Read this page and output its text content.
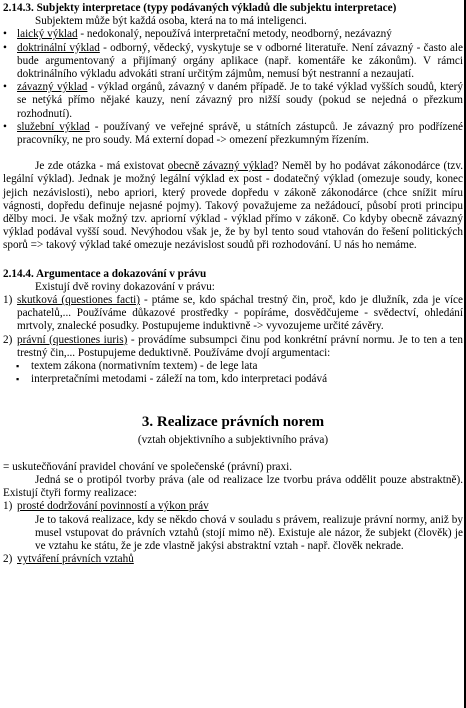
2.14.3. Subjekty interpretace (typy podávaných výkladů dle subjektu interpretace)

Subjektem může být každá osoba, která na to má inteligenci.

• laický výklad - nedokonalý, nepoužívá interpretační metody, neodborný, nezávazný
• doktrinální výklad - odborný, vědecký, vyskytuje se v odborné literatuře. Není závazný - často ale bude argumentovaný a přijímaný orgány aplikace (např. komentáře ke zákonům). V rámci doktrinálního výkladu advokáti straní určitým zájmům, nemusí být nestranní a nezaujatí.
• závazný výklad - výklad orgánů, závazný v daném případě. Je to také výklad vyšších soudů, který se netýká přímo nějaké kauzy, není závazný pro nižší soudy (pokud se nejedná o přezkum rozhodnutí).
• služební výklad - používaný ve veřejné správě, u státních zástupců. Je závazný pro podřízené pracovníky, ne pro soudy. Má externí dopad -> omezení přezkumným řízením.

Je zde otázka - má existovat obecně závazný výklad? Neměl by ho podávat zákonodárce (tzv. legální výklad). Jednak je možný legální výklad ex post - dodatečný výklad (omezuje soudy, konec jejich nezávislosti), nebo apriori, který provede dopředu v zákoně zákonodárce (chce snížit míru vágnosti, dopředu definuje nejasné pojmy). Takový považujeme za nežádoucí, působí proti principu dělby moci. Je však možný tzv. apriorní výklad - výklad přímo v zákoně. Co kdyby obecně závazný výklad podával vyšší soud. Nevýhodou však je, že by byl tento soud vtahován do řešení politických sporů => takový výklad také omezuje nezávislost soudů při rozhodování. U nás ho nemáme.

2.14.4. Argumentace a dokazování v právu

Existují dvě roviny dokazování v právu:

1) skutková (questiones facti) - ptáme se, kdo spáchal trestný čin, proč, kdo je dlužník, zda je více pachatelů,... Používáme důkazové prostředky - popíráme, dosvědčujeme - svědectví, ohledání mrtvoly, znalecké posudky. Postupujeme induktivně -> vyvozujeme určité závěry.
2) právní (questiones iuris) - provádíme subsumpci činu pod konkrétní právní normu. Je to ten a ten trestný čin,... Postupujeme deduktivně. Používáme dvojí argumentaci:
▪ textem zákona (normativním textem) - de lege lata
▪ interpretačními metodami - záleží na tom, kdo interpretaci podává
3. Realizace právních norem
(vztah objektivního a subjektivního práva)

= uskutečňování pravidel chování ve společenské (právní) praxi.

Jedná se o protipól tvorby práva (ale od realizace lze tvorbu práva oddělit pouze abstraktně). Existují čtyři formy realizace:

1) prosté dodržování povinností a výkon práv

Je to taková realizace, kdy se někdo chová v souladu s právem, realizuje právní normy, aniž by musel vstupovat do právních vztahů (stojí mimo ně). Existuje ale názor, že subjekt (člověk) je ve vztahu ke státu, že je zde vlastně jakýsi abstraktní vztah - např. člověk nekrade.

2) vytváření právních vztahů
